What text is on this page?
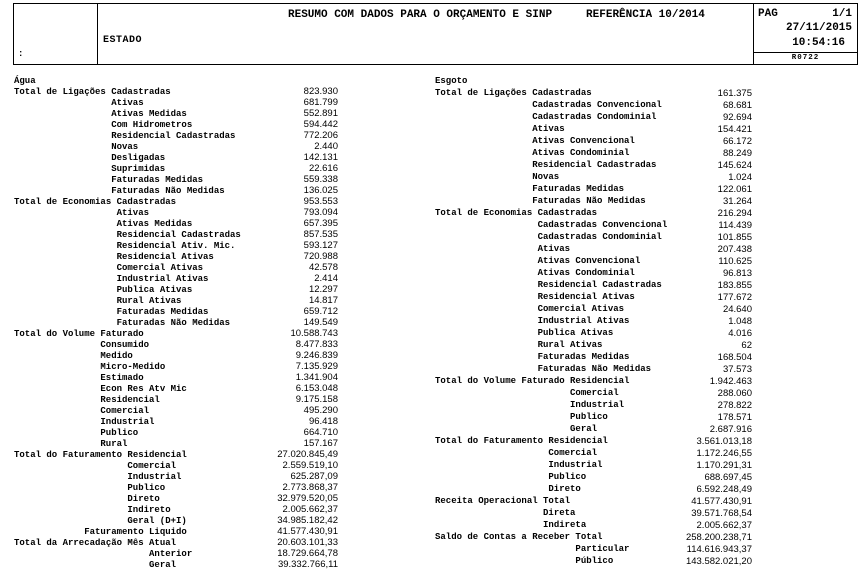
:
RESUMO COM DADOS PARA O ORÇAMENTO E SINP	REFERÊNCIA 10/2014
ESTADO
PAG	1/1
27/11/2015
10:54:16
R0722
Água
Total de Ligações Cadastradas	823.930
Ativas	681.799
Ativas Medidas	552.891
Com Hidrometros	594.442
Residencial Cadastradas	772.206
Novas	2.440
Desligadas	142.131
Suprimidas	22.616
Faturadas Medidas	559.338
Faturadas Não Medidas	136.025
Total de Economias Cadastradas	953.553
Ativas	793.094
Ativas Medidas	657.395
Residencial Cadastradas	857.535
Residencial Ativ. Mic.	593.127
Residencial Ativas	720.988
Comercial Ativas	42.578
Industrial Ativas	2.414
Publica Ativas	12.297
Rural Ativas	14.817
Faturadas Medidas	659.712
Faturadas Não Medidas	149.549
Total do Volume Faturado	10.588.743
Consumido	8.477.833
Medido	9.246.839
Micro-Medido	7.135.929
Estimado	1.341.904
Econ Res Atv Mic	6.153.048
Residencial	9.175.158
Comercial	495.290
Industrial	96.418
Publico	664.710
Rural	157.167
Total do Faturamento Residencial	27.020.845,49
Comercial	2.559.519,10
Industrial	625.287,09
Publico	2.773.868,37
Direto	32.979.520,05
Indireto	2.005.662,37
Geral (D+I)	34.985.182,42
Faturamento Liquido	41.577.430,91
Total da Arrecadação Mês Atual	20.603.101,33
Anterior	18.729.664,78
Geral	39.332.766,11
Esgoto
Total de Ligações Cadastradas	161.375
Cadastradas Convencional	68.681
Cadastradas Condominial	92.694
Ativas	154.421
Ativas Convencional	66.172
Ativas Condominial	88.249
Residencial Cadastradas	145.624
Novas	1.024
Faturadas Medidas	122.061
Faturadas Não Medidas	31.264
Total de Economias Cadastradas	216.294
Cadastradas Convencional	114.439
Cadastradas Condominial	101.855
Ativas	207.438
Ativas Convencional	110.625
Ativas Condominial	96.813
Residencial Cadastradas	183.855
Residencial Ativas	177.672
Comercial Ativas	24.640
Industrial Ativas	1.048
Publica Ativas	4.016
Rural Ativas	62
Faturadas Medidas	168.504
Faturadas Não Medidas	37.573
Total do Volume Faturado Residencial	1.942.463
Comercial	288.060
Industrial	278.822
Publico	178.571
Geral	2.687.916
Total do Faturamento Residencial	3.561.013,18
Comercial	1.172.246,55
Industrial	1.170.291,31
Publico	688.697,45
Direto	6.592.248,49
Receita Operacional Total	41.577.430,91
Direta	39.571.768,54
Indireta	2.005.662,37
Saldo de Contas a Receber Total	258.200.238,71
Particular	114.616.943,37
Público	143.582.021,20
